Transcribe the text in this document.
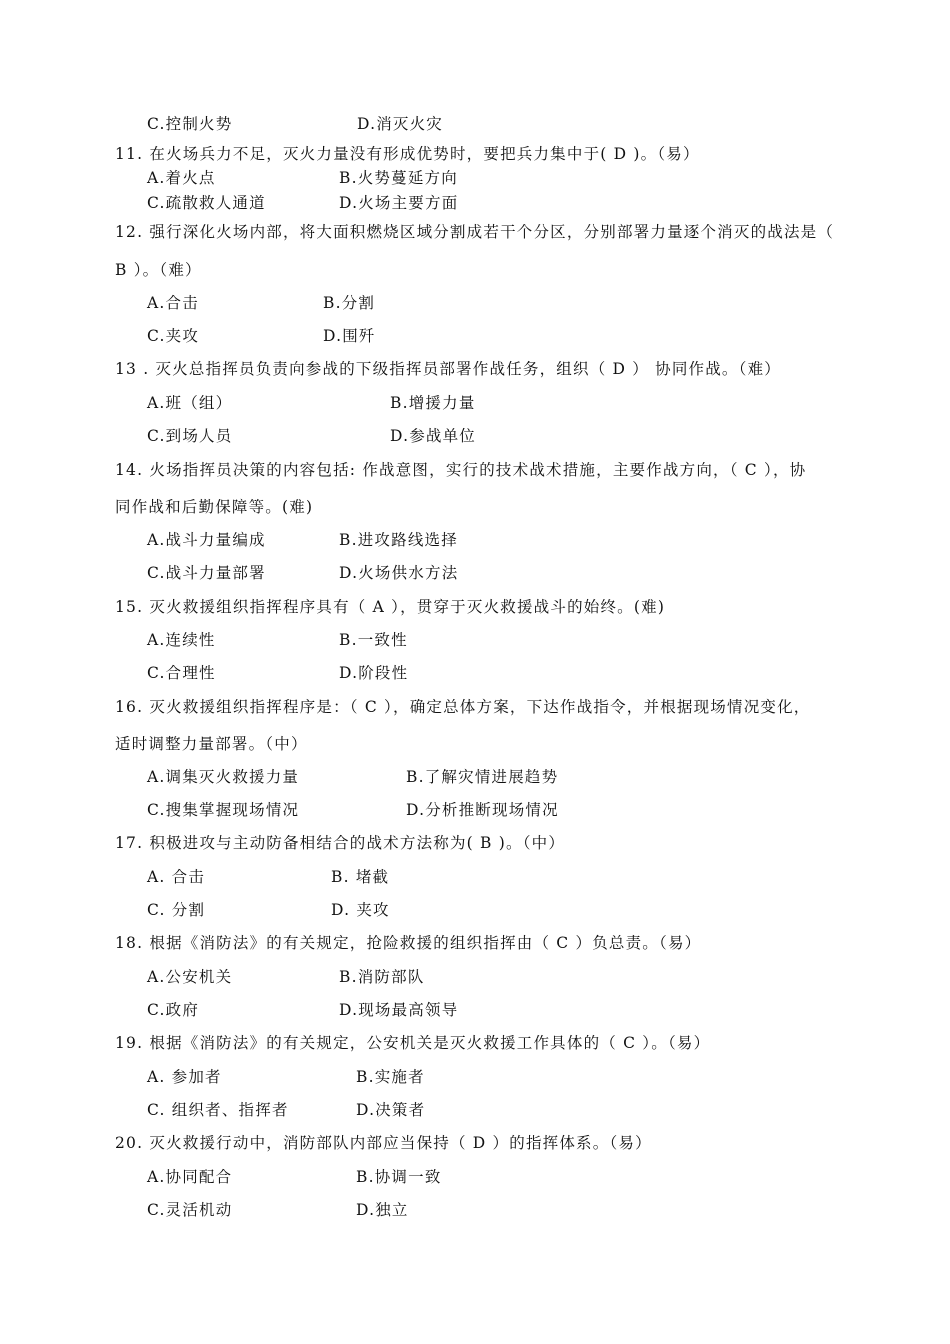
C.控制火势	D.消灭火灾
11. 在火场兵力不足，灭火力量没有形成优势时，要把兵力集中于( D )。（易）
A.着火点	B.火势蔓延方向
C.疏散救人通道	D.火场主要方面
12. 强行深化火场内部，将大面积燃烧区域分割成若干个分区，分别部署力量逐个消灭的战法是（
B ）。（难）
A.合击	B.分割
C.夹攻	D.围歼
13 . 灭火总指挥员负责向参战的下级指挥员部署作战任务，组织（ D ） 协同作战。（难）
A.班（组）	B.增援力量
C.到场人员	D.参战单位
14. 火场指挥员决策的内容包括: 作战意图，实行的技术战术措施，主要作战方向，（ C ），协
同作战和后勤保障等。(难)
A.战斗力量编成	B.进攻路线选择
C.战斗力量部署	D.火场供水方法
15. 灭火救援组织指挥程序具有（ A ），贯穿于灭火救援战斗的始终。(难)
A.连续性	B.一致性
C.合理性	D.阶段性
16. 灭火救援组织指挥程序是：（ C ），确定总体方案，下达作战指令，并根据现场情况变化，
适时调整力量部署。（中）
A.调集灭火救援力量	B.了解灾情进展趋势
C.搜集掌握现场情况	D.分析推断现场情况
17. 积极进攻与主动防备相结合的战术方法称为( B )。（中）
A. 合击	B. 堵截
C. 分割	D. 夹攻
18. 根据《消防法》的有关规定，抢险救援的组织指挥由（ C ）负总责。（易）
A.公安机关	B.消防部队
C.政府	D.现场最高领导
19. 根据《消防法》的有关规定，公安机关是灭火救援工作具体的（ C ）。（易）
A. 参加者	B.实施者
C. 组织者、指挥者	D.决策者
20. 灭火救援行动中，消防部队内部应当保持（ D ）的指挥体系。（易）
A.协同配合	B.协调一致
C.灵活机动	D.独立
